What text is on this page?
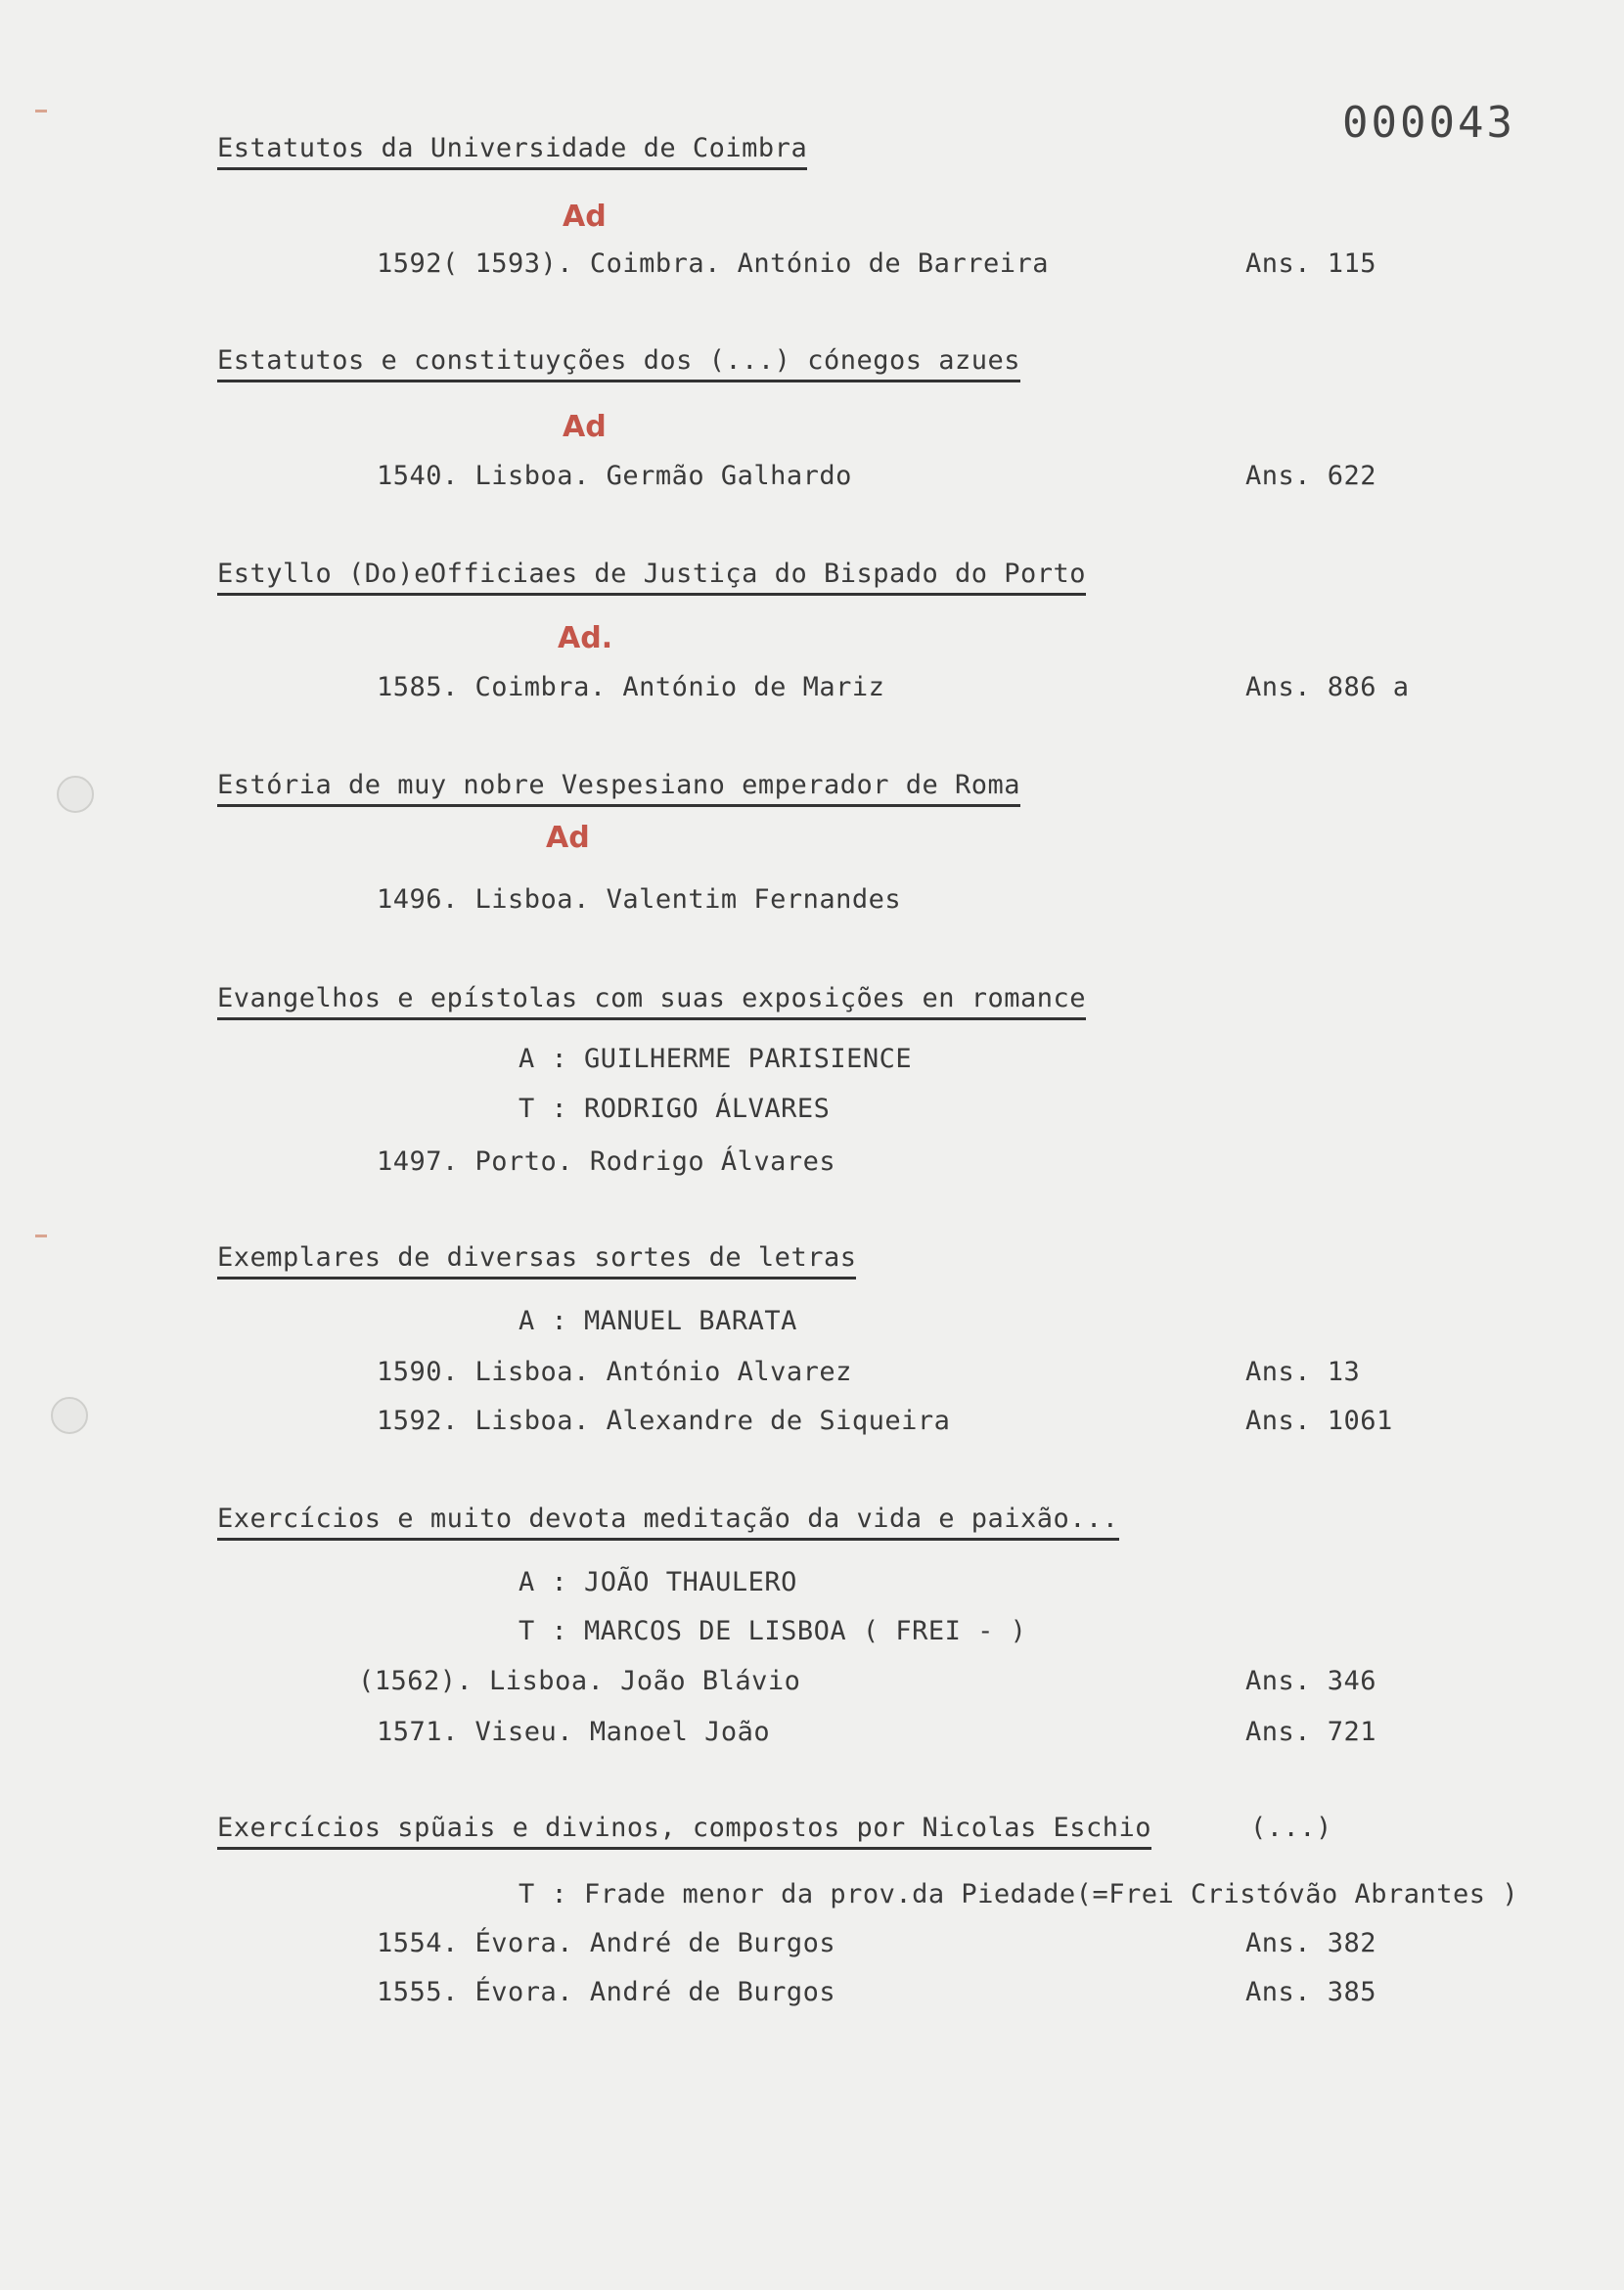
000043
Estatutos da Universidade de Coimbra
Ad
1592( 1593). Coimbra. António de Barreira	Ans. 115
Estatutos e constituyções dos (...) cónegos azues
Ad
1540. Lisboa. Germão Galhardo	Ans. 622
Estyllo (Do)eOfficiaes de Justiça do Bispado do Porto
Ad.
1585. Coimbra. António de Mariz	Ans. 886 a
Estória de muy nobre Vespesiano emperador de Roma
Ad
1496. Lisboa. Valentim Fernandes
Evangelhos e epístolas com suas exposições en romance
A : GUILHERME PARISIENCE
T : RODRIGO ÁLVARES
1497. Porto. Rodrigo Álvares
Exemplares de diversas sortes de letras
A : MANUEL BARATA
1590. Lisboa. António Alvarez	Ans. 13
1592. Lisboa. Alexandre de Siqueira	Ans. 1061
Exercícios e muito devota meditação da vida e paixão...
A : JOÃO THAULERO
T : MARCOS DE LISBOA ( FREI - )
(1562). Lisboa. João Blávio	Ans. 346
1571. Viseu. Manoel João	Ans. 721
Exercícios spũais e divinos, compostos por Nicolas Eschio	(...)
T : Frade menor da prov.da Piedade(=Frei Cristóvão Abrantes )
1554. Évora. André de Burgos	Ans. 382
1555. Évora. André de Burgos	Ans. 385
